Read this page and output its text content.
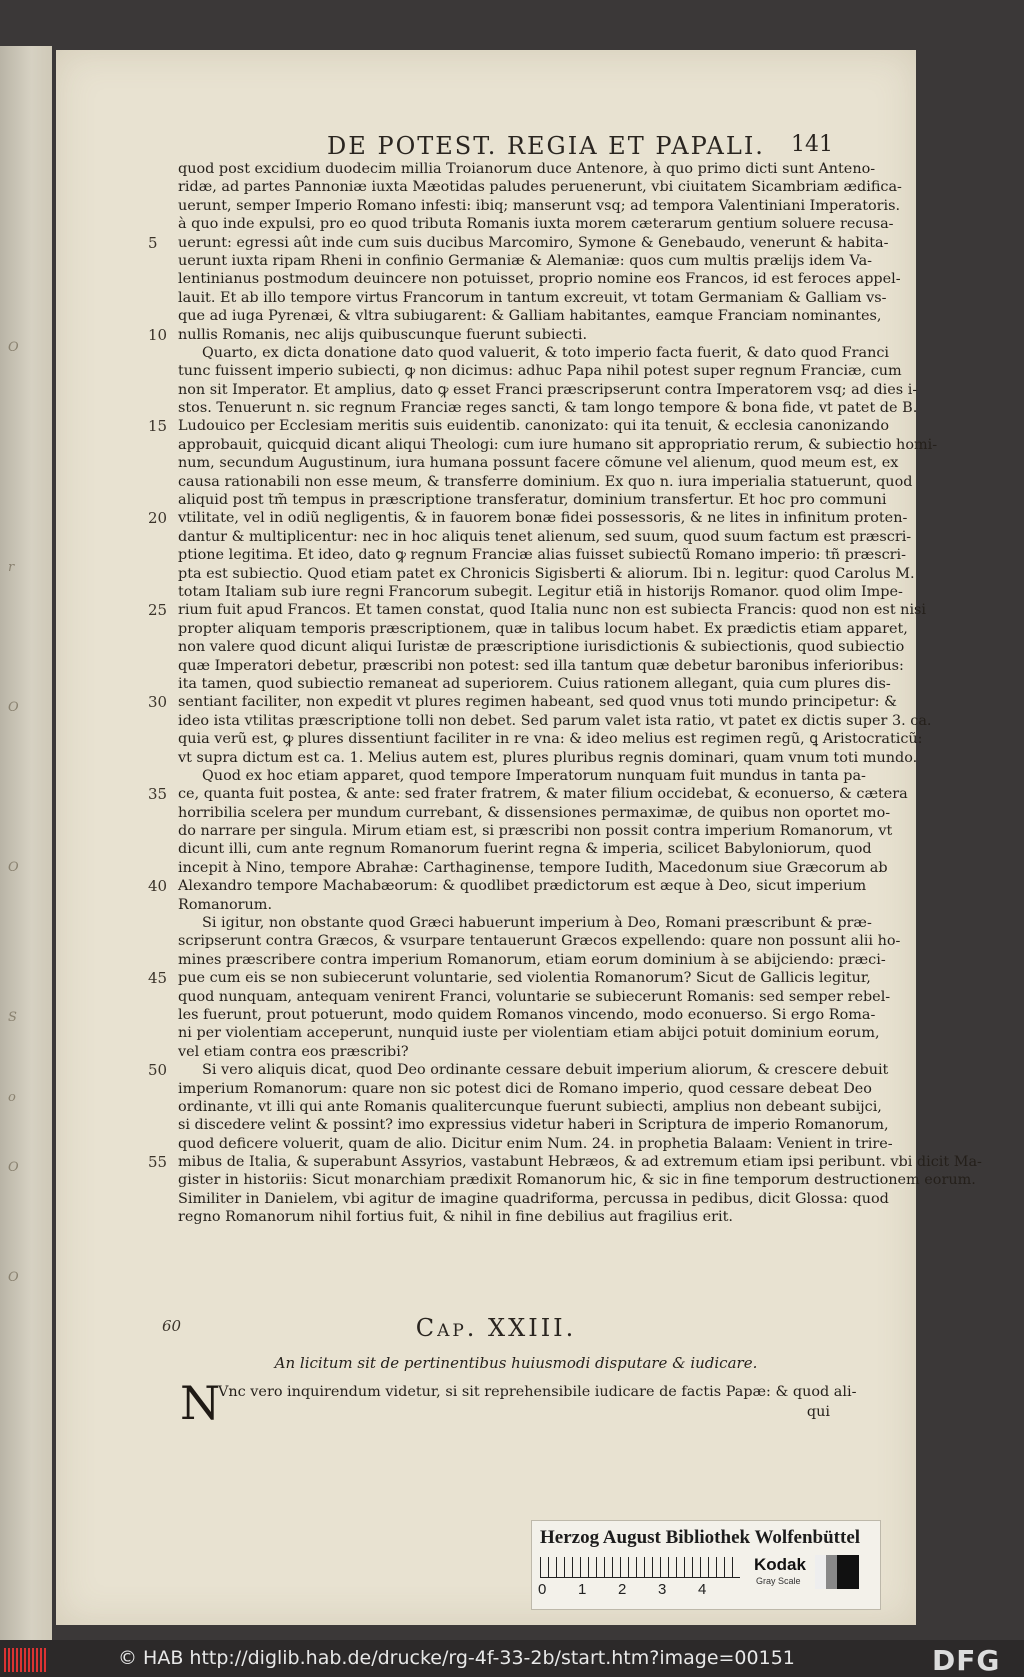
O
r
Ο
O
S
o
O
O
DE POTEST. REGIA ET PAPALI.	141
quod post excidium duodecim millia Troianorum duce Antenore, à quo primo dicti sunt Anteno-
ridæ, ad partes Pannoniæ iuxta Mæotidas paludes peruenerunt, vbi ciuitatem Sicambriam ædifica-
uerunt, semper Imperio Romano infesti: ibiq; manserunt vsq; ad tempora Valentiniani Imperatoris.
à quo inde expulsi, pro eo quod tributa Romanis iuxta morem cæterarum gentium soluere recusa-
5	uerunt: egressi aût inde cum suis ducibus Marcomiro, Symone & Genebaudo, venerunt & habita-
uerunt iuxta ripam Rheni in confinio Germaniæ & Alemaniæ: quos cum multis prælijs idem Va-
lentinianus postmodum deuincere non potuisset, proprio nomine eos Francos, id est feroces appel-
lauit. Et ab illo tempore virtus Francorum in tantum excreuit, vt totam Germaniam & Galliam vs-
que ad iuga Pyrenæi, & vltra subiugarent: & Galliam habitantes, eamque Franciam nominantes,
10 nullis Romanis, nec alijs quibuscunque fuerunt subiecti.
Quarto, ex dicta donatione dato quod valuerit, & toto imperio facta fuerit, & dato quod Franci
tunc fuissent imperio subiecti, ꝙ non dicimus: adhuc Papa nihil potest super regnum Franciæ, cum
non sit Imperator. Et amplius, dato ꝙ esset Franci præscripserunt contra Imperatorem vsq; ad dies i-
stos. Tenuerunt n. sic regnum Franciæ reges sancti, & tam longo tempore & bona fide, vt patet de B.
15 Ludouico per Ecclesiam meritis suis euidentib. canonizato: qui ita tenuit, & ecclesia canonizando
approbauit, quicquid dicant aliqui Theologi: cum iure humano sit appropriatio rerum, & subiectio homi-
num, secundum Augustinum, iura humana possunt facere cõmune vel alienum, quod meum est, ex
causa rationabili non esse meum, & transferre dominium. Ex quo n. iura imperialia statuerunt, quod
aliquid post tm̃ tempus in præscriptione transferatur, dominium transfertur. Et hoc pro communi
20 vtilitate, vel in odiũ negligentis, & in fauorem bonæ fidei possessoris, & ne lites in infinitum proten-
dantur & multiplicentur: nec in hoc aliquis tenet alienum, sed suum, quod suum factum est præscri-
ptione legitima. Et ideo, dato ꝙ regnum Franciæ alias fuisset subiectũ Romano imperio: tñ præscri-
pta est subiectio. Quod etiam patet ex Chronicis Sigisberti & aliorum. Ibi n. legitur: quod Carolus M.
totam Italiam sub iure regni Francorum subegit. Legitur etiã in historijs Romanor. quod olim Impe-
25 rium fuit apud Francos. Et tamen constat, quod Italia nunc non est subiecta Francis: quod non est nisi
propter aliquam temporis præscriptionem, quæ in talibus locum habet. Ex prædictis etiam apparet,
non valere quod dicunt aliqui Iuristæ de præscriptione iurisdictionis & subiectionis, quod subiectio
quæ Imperatori debetur, præscribi non potest: sed illa tantum quæ debetur baronibus inferioribus:
ita tamen, quod subiectio remaneat ad superiorem. Cuius rationem allegant, quia cum plures dis-
30 sentiant faciliter, non expedit vt plures regimen habeant, sed quod vnus toti mundo principetur: &
ideo ista vtilitas præscriptione tolli non debet. Sed parum valet ista ratio, vt patet ex dictis super 3. ca.
quia verũ est, ꝙ plures dissentiunt faciliter in re vna: & ideo melius est regimen regũ, ꝗ Aristocraticũ:
vt supra dictum est ca. 1. Melius autem est, plures pluribus regnis dominari, quam vnum toti mundo.
Quod ex hoc etiam apparet, quod tempore Imperatorum nunquam fuit mundus in tanta pa-
35 ce, quanta fuit postea, & ante: sed frater fratrem, & mater filium occidebat, & econuerso, & cætera
horribilia scelera per mundum currebant, & dissensiones permaximæ, de quibus non oportet mo-
do narrare per singula. Mirum etiam est, si præscribi non possit contra imperium Romanorum, vt
dicunt illi, cum ante regnum Romanorum fuerint regna & imperia, scilicet Babyloniorum, quod
incepit à Nino, tempore Abrahæ: Carthaginense, tempore Iudith, Macedonum siue Græcorum ab
40 Alexandro tempore Machabæorum: & quodlibet prædictorum est æque à Deo, sicut imperium
Romanorum.
Si igitur, non obstante quod Græci habuerunt imperium à Deo, Romani præscribunt & præ-
scripserunt contra Græcos, & vsurpare tentauerunt Græcos expellendo: quare non possunt alii ho-
mines præscribere contra imperium Romanorum, etiam eorum dominium à se abijciendo: præci-
45 pue cum eis se non subiecerunt voluntarie, sed violentia Romanorum? Sicut de Gallicis legitur,
quod nunquam, antequam venirent Franci, voluntarie se subiecerunt Romanis: sed semper rebel-
les fuerunt, prout potuerunt, modo quidem Romanos vincendo, modo econuerso. Si ergo Roma-
ni per violentiam acceperunt, nunquid iuste per violentiam etiam abijci potuit dominium eorum,
vel etiam contra eos præscribi?
50	Si vero aliquis dicat, quod Deo ordinante cessare debuit imperium aliorum, & crescere debuit
imperium Romanorum: quare non sic potest dici de Romano imperio, quod cessare debeat Deo
ordinante, vt illi qui ante Romanis qualitercunque fuerunt subiecti, amplius non debeant subijci,
si discedere velint & possint? imo expressius videtur haberi in Scriptura de imperio Romanorum,
quod deficere voluerit, quam de alio. Dicitur enim Num. 24. in prophetia Balaam: Venient in trire-
55 mibus de Italia, & superabunt Assyrios, vastabunt Hebræos, & ad extremum etiam ipsi peribunt. vbi dicit Ma-
gister in historiis: Sicut monarchiam prædixit Romanorum hic, & sic in fine temporum destructionem eorum.
Similiter in Danielem, vbi agitur de imagine quadriforma, percussa in pedibus, dicit Glossa: quod
regno Romanorum nihil fortius fuit, & nihil in fine debilius aut fragilius erit.
60	Cap. XXIII.
An licitum sit de pertinentibus huiusmodi disputare & iudicare.
N
Vnc vero inquirendum videtur, si sit reprehensibile iudicare de factis Papæ: & quod ali-
qui
Herzog August Bibliothek Wolfenbüttel
0 1 2 3 4
Kodak
Gray Scale
© HAB http://diglib.hab.de/drucke/rg-4f-33-2b/start.htm?image=00151	DFG
